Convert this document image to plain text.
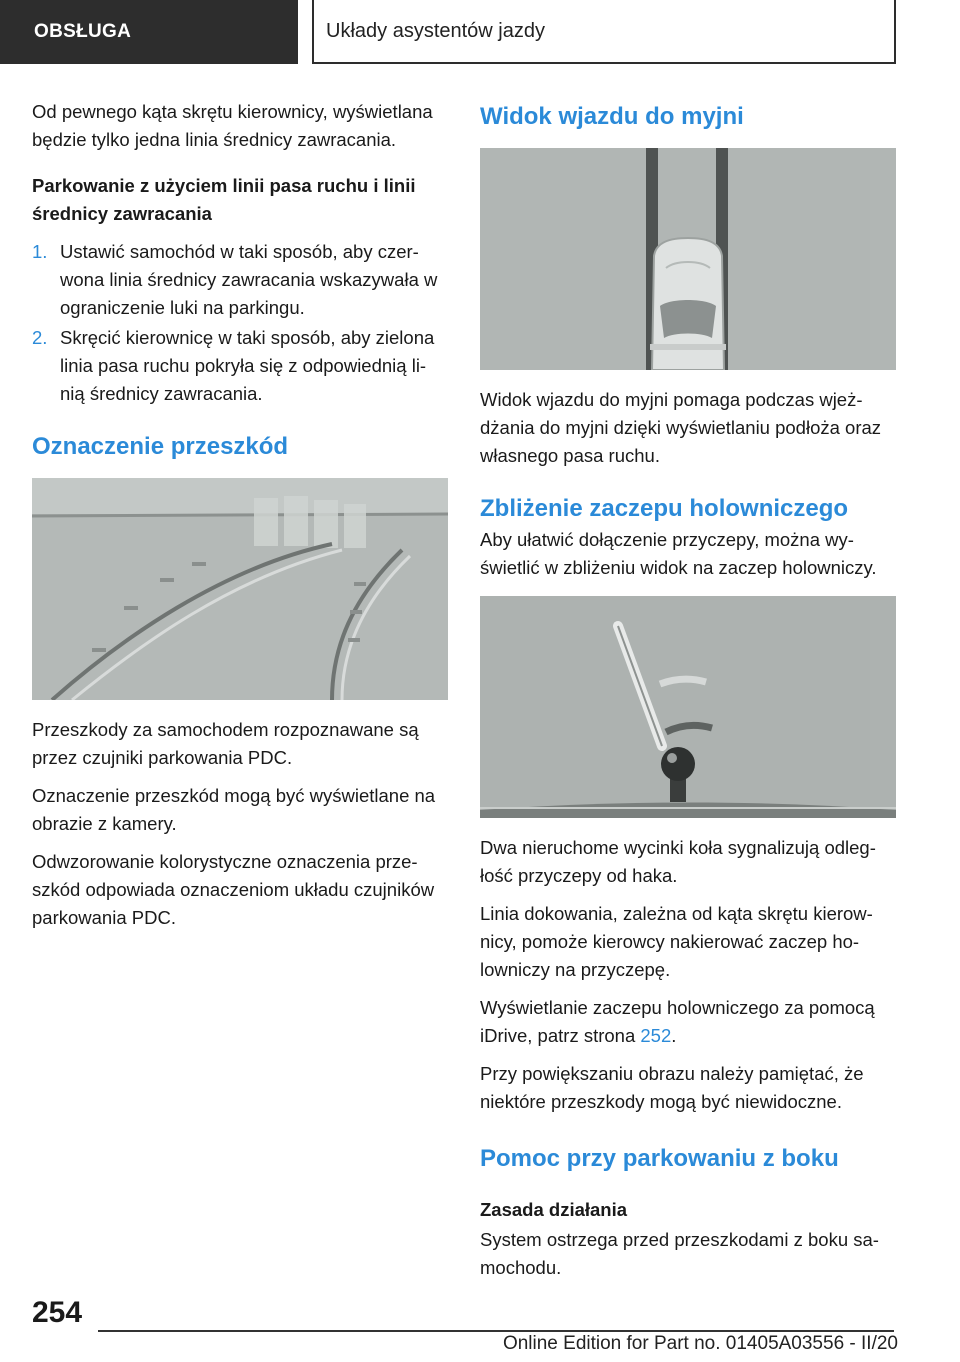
OBSŁUGA	Układy asystentów jazdy

Od pewnego kąta skrętu kierownicy, wyświetlana będzie tylko jedna linia średnicy zawracania.

Parkowanie z użyciem linii pasa ruchu i linii średnicy zawracania

1. Ustawić samochód w taki sposób, aby czer-wona linia średnicy zawracania wskazywała w ograniczenie luki na parkingu.
2. Skręcić kierownicę w taki sposób, aby zielona linia pasa ruchu pokryła się z odpowiednią li-nią średnicy zawracania.
Oznaczenie przeszkód

Przeszkody za samochodem rozpoznawane są przez czujniki parkowania PDC.

Oznaczenie przeszkód mogą być wyświetlane na obrazie z kamery.

Odwzorowanie kolorystyczne oznaczenia prze-szkód odpowiada oznaczeniom układu czujników parkowania PDC.

Widok wjazdu do myjni

Widok wjazdu do myjni pomaga podczas wjeż-dżania do myjni dzięki wyświetlaniu podłoża oraz własnego pasa ruchu.

Zbliżenie zaczepu holowniczego

Aby ułatwić dołączenie przyczepy, można wy-świetlić w zbliżeniu widok na zaczep holowniczy.

Dwa nieruchome wycinki koła sygnalizują odleg-łość przyczepy od haka.

Linia dokowania, zależna od kąta skrętu kierow-nicy, pomoże kierowcy nakierować zaczep ho-lowniczy na przyczepę.

Wyświetlanie zaczepu holowniczego za pomocą iDrive, patrz strona 252.

Przy powiększaniu obrazu należy pamiętać, że niektóre przeszkody mogą być niewidoczne.

Pomoc przy parkowaniu z boku

Zasada działania

System ostrzega przed przeszkodami z boku sa-mochodu.

254
Online Edition for Part no. 01405A03556 - II/20
